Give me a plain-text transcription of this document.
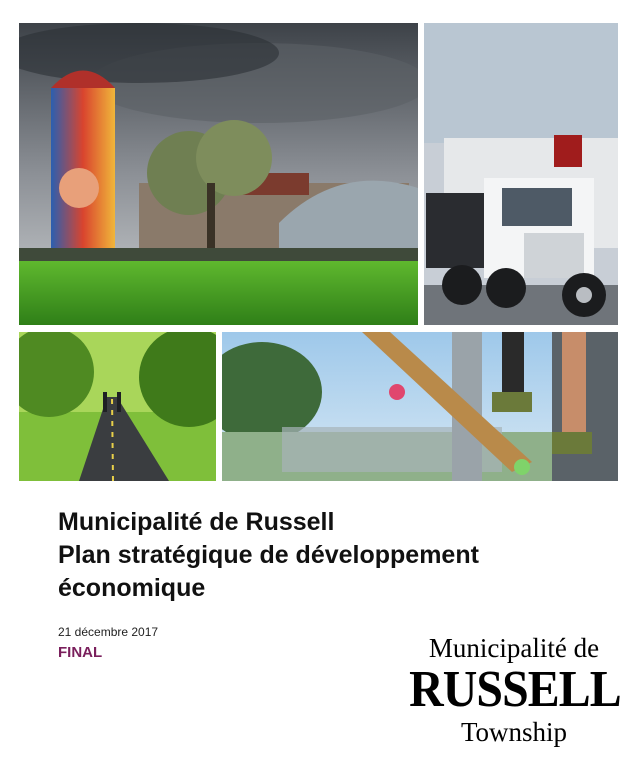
Municipalité de Russell
Plan stratégique de développement
économique
21 décembre 2017
FINAL	Municipalité de
RUSSELL
Township
